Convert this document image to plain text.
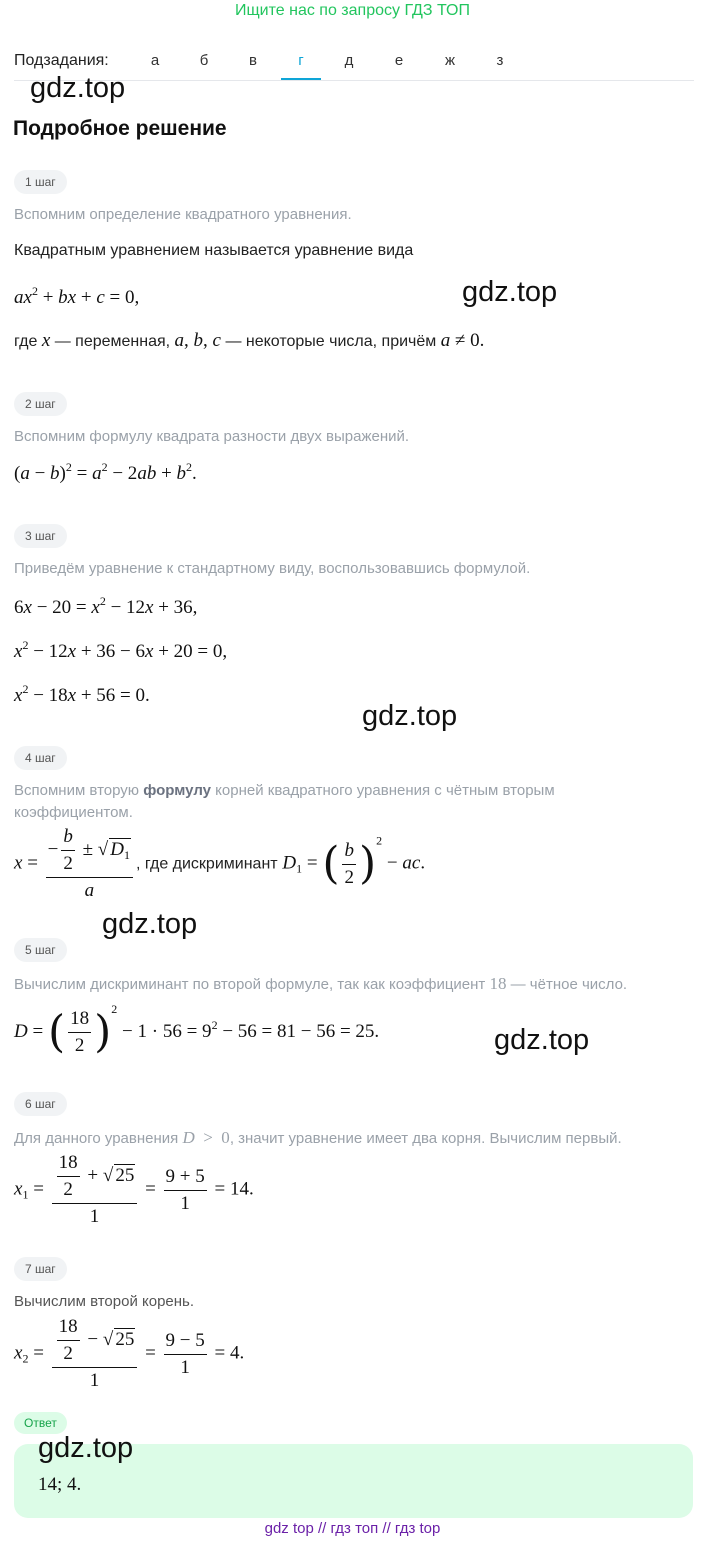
Ищите нас по запросу ГДЗ ТОП
Подзадания:	а	б	в	г	д	е	ж	з
gdz.top
gdz.top
gdz.top
gdz.top
gdz.top
Подробное решение
1 шаг
Вспомним определение квадратного уравнения.
Квадратным уравнением называется уравнение вида
$ax^2$ + bx + c = 0,
где x — переменная, a, b, c — некоторые числа, причём a ≠ 0.
2 шаг
Вспомним формулу квадрата разности двух выражений.
$(a - b)^2 = a^2 - 2ab + b^2$.
3 шаг
Приведём уравнение к стандартному виду, воспользовавшись формулой.
$6x - 20 = x^2 - 12x + 36$,
$x^2 - 12x + 36 - 6x + 20 = 0$,
$x^2 - 18x + 56 = 0$.
4 шаг
Вспомним вторую формулу корней квадратного уравнения с чётным вторым
коэффициентом.
$x = \frac{- \frac{b}{2} \pm √ D_1}{a}$ , где дискриминант $D_1$ = ( $\frac{b}{2} )^2$ − ac.
5 шаг
Вычислим дискриминант по второй формуле, так как коэффициент 18 — чётное число.
D = ( $\frac{18}{2} )^2 - 1 \cdot 56 = 9^2 - 56 = 81 - 56 = 25$.
6 шаг
Для данного уравнения D  >  0, значит уравнение имеет два корня. Вычислим первый.
$x_1 = \frac{\frac{18}{2} + √ 25}{1} = \frac{9 + 5}{1} = 14$.
7 шаг
Вычислим второй корень.
$x_2 = \frac{\frac{18}{2} - √ 25}{1} = \frac{9 - 5}{1} = 4$.
Ответ
gdz.top
14; 4.
gdz top // гдз топ // гдз top
